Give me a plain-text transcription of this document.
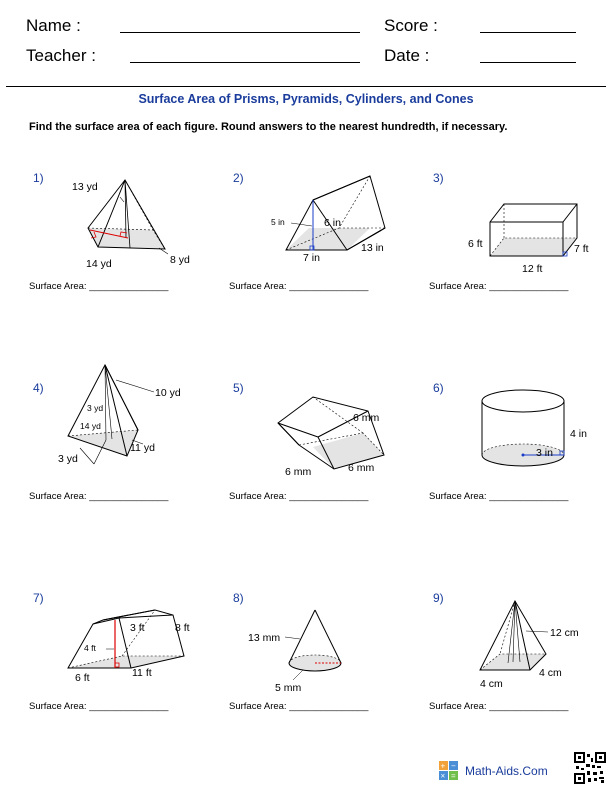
Name :	Score :
Teacher :	Date :
Surface Area of Prisms, Pyramids, Cylinders, and Cones
Find the surface area of each figure. Round answers to the nearest hundredth, if necessary.
1)	2)	3)
4)	5)	6)
7)	8)	9)
Surface Area: _______________	Surface Area: _______________	Surface Area: _______________
Surface Area: _______________	Surface Area: _______________	Surface Area: _______________
Surface Area: _______________	Surface Area: _______________	Surface Area: _______________
13 yd
14 yd	8 yd
5 in	6 in
13 in
7 in
6 ft	7 ft
12 ft
10 yd
3 yd
14 yd
11 yd
3 yd
6 mm
6 mm
6 mm
4 in
3 in
3 ft	8 ft
4 ft
6 ft	11 ft
13 mm
5 mm
12 cm
4 cm
4 cm
+ −
× = Math-Aids.Com
